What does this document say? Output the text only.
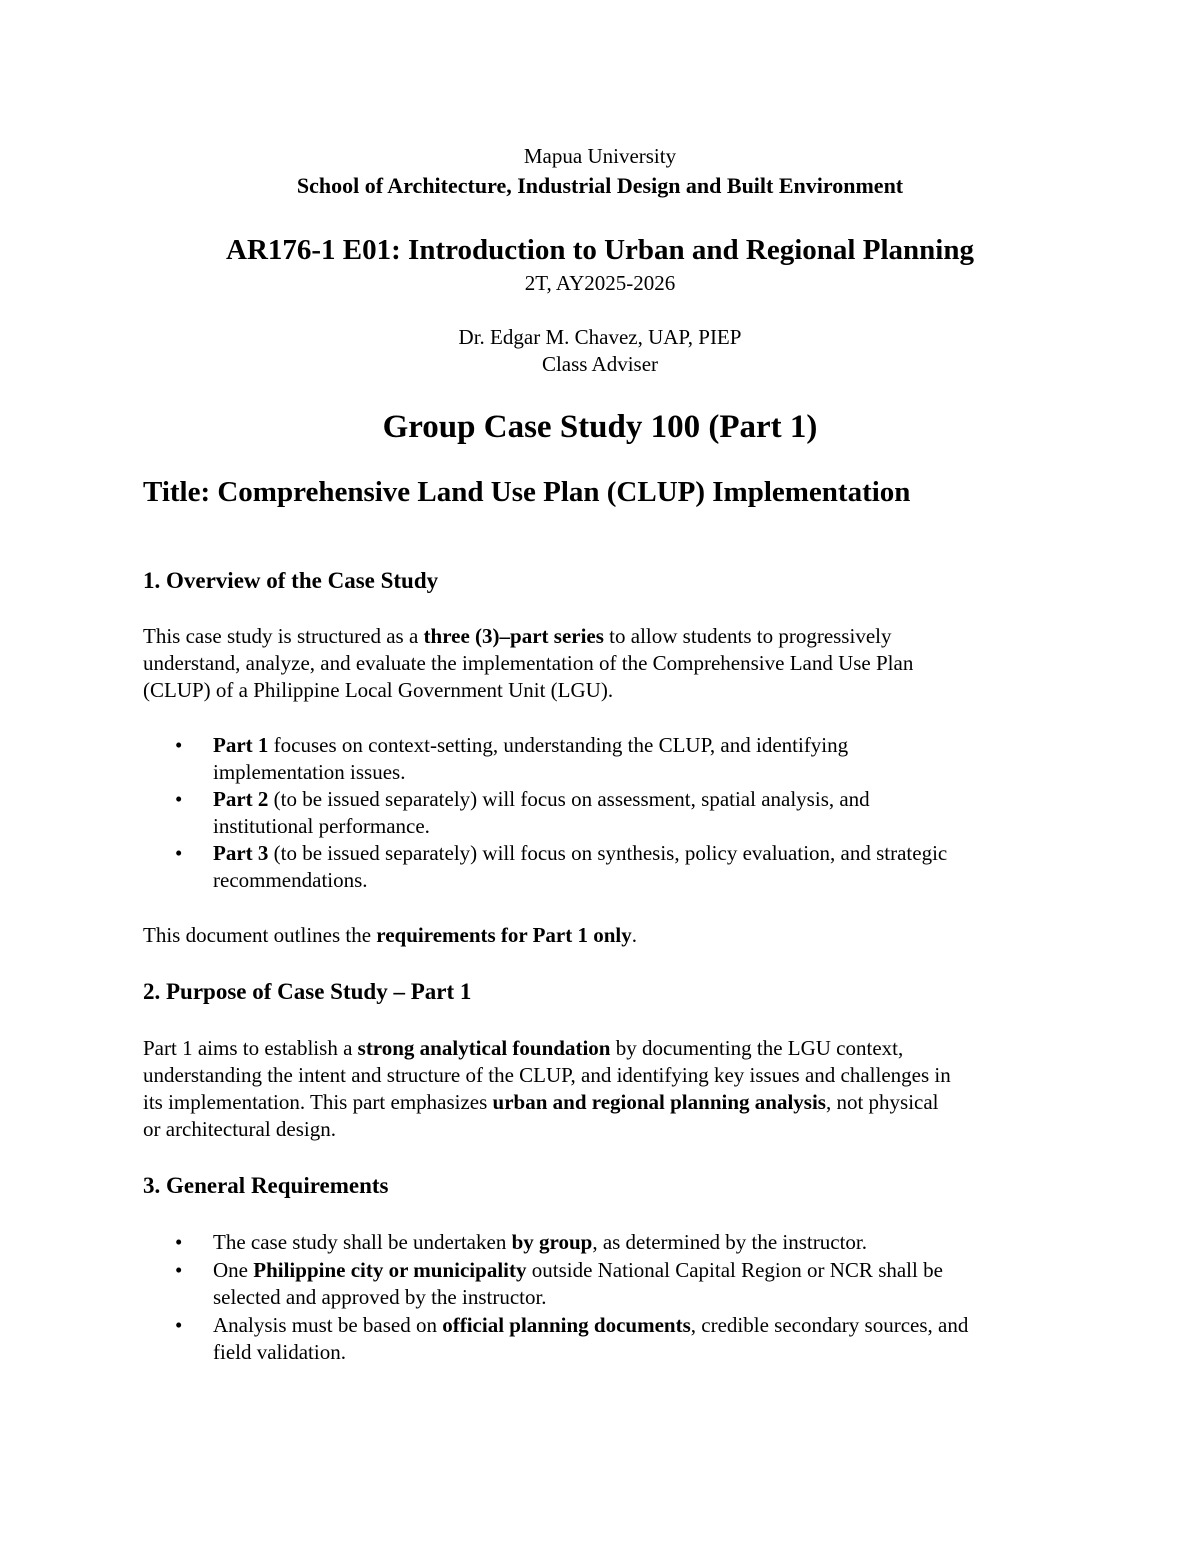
Mapua University
School of Architecture, Industrial Design and Built Environment
AR176-1 E01: Introduction to Urban and Regional Planning
2T, AY2025-2026
Dr. Edgar M. Chavez, UAP, PIEP
Class Adviser
Group Case Study 100 (Part 1)
Title: Comprehensive Land Use Plan (CLUP) Implementation
1. Overview of the Case Study
This case study is structured as a three (3)–part series to allow students to progressively
understand, analyze, and evaluate the implementation of the Comprehensive Land Use Plan
(CLUP) of a Philippine Local Government Unit (LGU).
• Part 1 focuses on context-setting, understanding the CLUP, and identifying
implementation issues.
• Part 2 (to be issued separately) will focus on assessment, spatial analysis, and
institutional performance.
• Part 3 (to be issued separately) will focus on synthesis, policy evaluation, and strategic
recommendations.
This document outlines the requirements for Part 1 only.
2. Purpose of Case Study – Part 1
Part 1 aims to establish a strong analytical foundation by documenting the LGU context,
understanding the intent and structure of the CLUP, and identifying key issues and challenges in
its implementation. This part emphasizes urban and regional planning analysis, not physical
or architectural design.
3. General Requirements
• The case study shall be undertaken by group, as determined by the instructor.
• One Philippine city or municipality outside National Capital Region or NCR shall be
selected and approved by the instructor.
• Analysis must be based on official planning documents, credible secondary sources, and
field validation.
